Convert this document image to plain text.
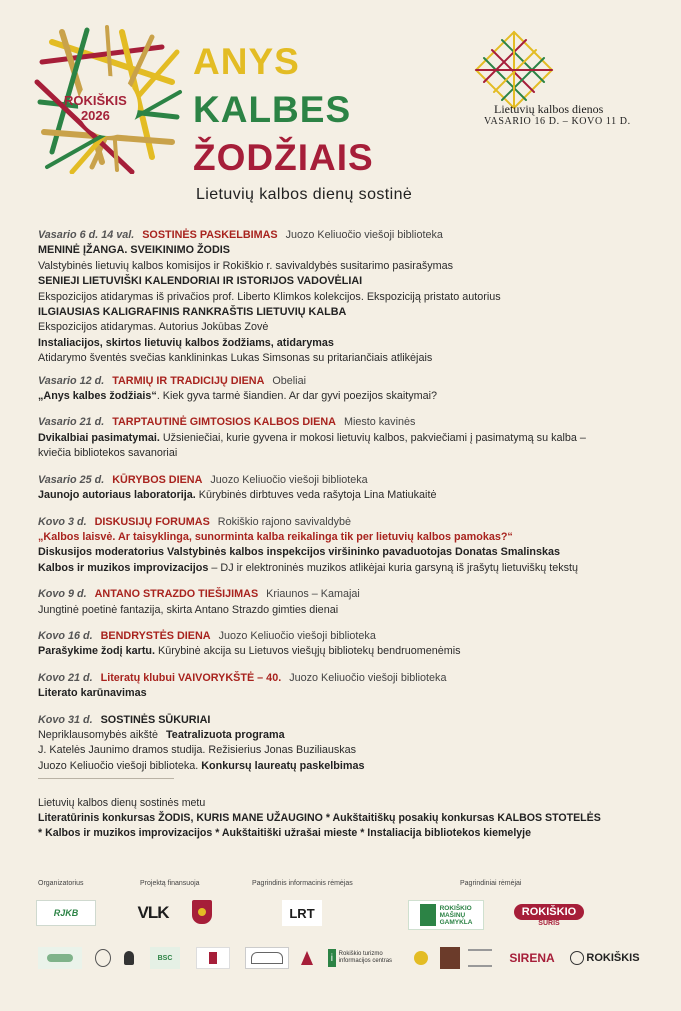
ROKIŠKIS
2026
ANYS
KALBES
ŽODŽIAIS
Lietuvių kalbos dienų sostinė
Lietuvių kalbos dienos
VASARIO 16 D. – KOVO 11 D.
Vasario 6 d. 14 val. SOSTINĖS PASKELBIMAS Juozo Keliuočio viešoji biblioteka
MENINĖ ĮŽANGA. SVEIKINIMO ŽODIS
Valstybinės lietuvių kalbos komisijos ir Rokiškio r. savivaldybės susitarimo pasirašymas
SENIEJI LIETUVIŠKI KALENDORIAI IR ISTORIJOS VADOVĖLIAI
Ekspozicijos atidarymas iš privačios prof. Liberto Klimkos kolekcijos. Ekspoziciją pristato autorius
ILGIAUSIAS KALIGRAFINIS RANKRAŠTIS LIETUVIŲ KALBA
Ekspozicijos atidarymas. Autorius Jokūbas Zovė
Instaliacijos, skirtos lietuvių kalbos žodžiams, atidarymas
Atidarymo šventės svečias kanklininkas Lukas Simsonas su pritariančiais atlikėjais
Vasario 12 d. TARMIŲ IR TRADICIJŲ DIENA Obeliai
„Anys kalbes žodžiais“. Kiek gyva tarmė šiandien. Ar dar gyvi poezijos skaitymai?
Vasario 21 d. TARPTAUTINĖ GIMTOSIOS KALBOS DIENA Miesto kavinės
Dvikalbiai pasimatymai. Užsieniečiai, kurie gyvena ir mokosi lietuvių kalbos, pakviečiami į pasimatymą su kalba –
kviečia bibliotekos savanoriai
Vasario 25 d. KŪRYBOS DIENA Juozo Keliuočio viešoji biblioteka
Jaunojo autoriaus laboratorija. Kūrybinės dirbtuves veda rašytoja Lina Matiukaitė
Kovo 3 d. DISKUSIJŲ FORUMAS Rokiškio rajono savivaldybė
„Kalbos laisvė. Ar taisyklinga, sunorminta kalba reikalinga tik per lietuvių kalbos pamokas?“
Diskusijos moderatorius Valstybinės kalbos inspekcijos viršininko pavaduotojas Donatas Smalinskas
Kalbos ir muzikos improvizacijos – DJ ir elektroninės muzikos atlikėjai kuria garsyną iš jrašytų lietuviškų tekstų
Kovo 9 d. ANTANO STRAZDO TIEŠIJIMAS Kriaunos – Kamajai
Jungtinė poetinė fantazija, skirta Antano Strazdo gimties dienai
Kovo 16 d. BENDRYSTĖS DIENA Juozo Keliuočio viešoji biblioteka
Parašykime žodį kartu. Kūrybinė akcija su Lietuvos viešųjų bibliotekų bendruomenėmis
Kovo 21 d. Literatų klubui VAIVORYKŠTĖ – 40. Juozo Keliuočio viešoji biblioteka
Literato karūnavimas
Kovo 31 d. SOSTINĖS SŪKURIAI
Nepriklausomybės aikštė Teatralizuota programa
J. Katelės Jaunimo dramos studija. Režisierius Jonas Buziliauskas
Juozo Keliuočio viešoji biblioteka. Konkursų laureatų paskelbimas
Lietuvių kalbos dienų sostinės metu
Literatūrinis konkursas ŽODIS, KURIS MANE UŽAUGINO * Aukštaitiškų posakių konkursas KALBOS STOTELĖS
* Kalbos ir muzikos improvizacijos * Aukštaitiški užrašai mieste * Instaliacija bibliotekos kiemelyje
Organizatorius	Projektą finansuoja	Pagrindinis informacinis rėmėjas	Pagrindiniai rėmėjai
RJKB	VLK	LRT	ROKIŠKIO
MAŠINŲ
GAMYKLA
ROKIŠKIO
SŪRIS
BSC	i Rokiškio turizmo informacijos centras	SIRENA	ROKIŠKIS
